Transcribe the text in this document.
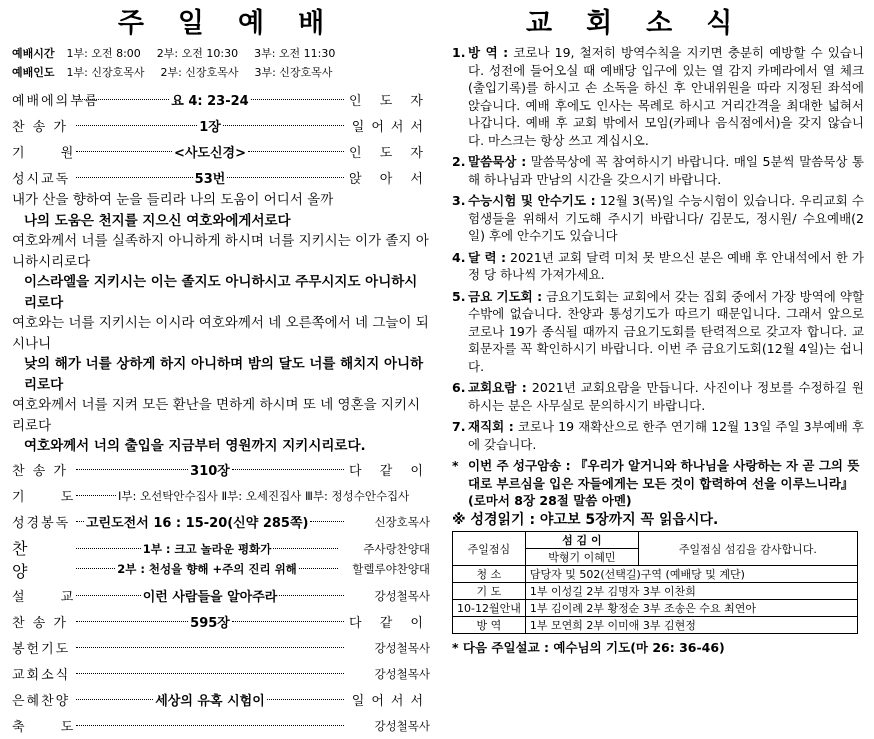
주일예배
예배시간 1부: 오전 8:00 2부: 오전 10:30 3부: 오전 11:30
예배인도 1부: 신장호목사 2부: 신장호목사 3부: 신장호목사
예배에의부름	요 4: 23-24	인 도 자
찬 송 가	1장	일어서서
기 원	<사도신경>	인 도 자
성시교독	53번	앉 아 서

내가 산을 향하여 눈을 들리라 나의 도움이 어디서 올까

나의 도움은 천지를 지으신 여호와에게서로다

여호와께서 너를 실족하지 아니하게 하시며 너를 지키시는 이가 졸지 아니하시리로다

이스라엘을 지키시는 이는 졸지도 아니하시고 주무시지도 아니하시리로다

여호와는 너를 지키시는 이시라 여호와께서 네 오른쪽에서 네 그늘이 되시나니

낮의 해가 너를 상하게 하지 아니하며 밤의 달도 너를 해치지 아니하리로다

여호와께서 너를 지켜 모든 환난을 면하게 하시며 또 네 영혼을 지키시리로다

여호와께서 너의 출입을 지금부터 영원까지 지키시리로다.

찬 송 가	310장	다 같 이
기 도	Ⅰ부: 오선탁안수집사 Ⅱ부: 오세진집사 Ⅲ부: 정성수안수집사
성경봉독 고린도전서 16 : 15-20(신약 285쪽)	신장호목사
찬 양
1부 : 크고 놀라운 평화가	주사랑찬양대
2부 : 천성을 향해 +주의 진리 위해	할렐루야찬양대
설 교	이런 사람들을 알아주라	강성철목사
찬 송 가	595장	다 같 이
봉헌기도	강성철목사
교회소식	강성철목사
은혜찬양	세상의 유혹 시험이	일어서서
축 도	강성철목사
교회소식
1. 방 역 : 코로나 19, 철저히 방역수칙을 지키면 충분히 예방할 수 있습니다. 성전에 들어오실 때 예배당 입구에 있는 열 감지 카메라에서 열 체크(출입기록)를 하시고 손 소독을 하신 후 안내위원을 따라 지정된 좌석에 앉습니다. 예배 후에도 인사는 목례로 하시고 거리간격을 최대한 넓혀서 나갑니다. 예배 후 교회 밖에서 모임(카페나 음식점에서)을 갖지 않습니다. 마스크는 항상 쓰고 계십시오.
2. 말씀묵상 : 말씀묵상에 꼭 참여하시기 바랍니다. 매일 5분씩 말씀묵상 통해 하나님과 만남의 시간을 갖으시기 바랍니다.
3. 수능시험 및 안수기도 : 12월 3(목)일 수능시험이 있습니다. 우리교회 수험생들을 위해서 기도해 주시기 바랍니다/ 김문도, 정시원/ 수요예배(2일) 후에 안수기도 있습니다
4. 달 력 : 2021년 교회 달력 미처 못 받으신 분은 예배 후 안내석에서 한 가정 당 하나씩 가져가세요.
5. 금요 기도회 : 금요기도회는 교회에서 갖는 집회 중에서 가장 방역에 약할 수밖에 없습니다. 찬양과 통성기도가 따르기 때문입니다. 그래서 앞으로 코로나 19가 종식될 때까지 금요기도회를 탄력적으로 갖고자 합니다. 교회문자를 꼭 확인하시기 바랍니다. 이번 주 금요기도회(12월 4일)는 쉽니다.
6. 교회요람 : 2021년 교회요람을 만듭니다. 사진이나 정보를 수정하길 원하시는 분은 사무실로 문의하시기 바랍니다.
7. 재직회 : 코로나 19 재확산으로 한주 연기해 12월 13일 주일 3부예배 후에 갖습니다.
* 이번 주 성구암송 : 『우리가 알거니와 하나님을 사랑하는 자 곧 그의 뜻대로 부르심을 입은 자들에게는 모든 것이 합력하여 선을 이루느니라』 (로마서 8장 28절 말씀 아멘)
※ 성경읽기 : 야고보 5장까지 꼭 읽읍시다.
주일점심	섬 김 이	주일점심 섬김을 감사합니다.
	박형기 이혜민	
청 소	담당자 및 502(선택길)구역 (예배당 및 계단)	
기 도	1부 이성길 2부 김명자 3부 이찬희	
10-12월안내	1부 김이례 2부 황정순 3부 조송은 수요 최연아	
방 역	1부 모연희 2부 이미애 3부 김현정	
* 다음 주일설교 : 예수님의 기도(마 26: 36-46)
